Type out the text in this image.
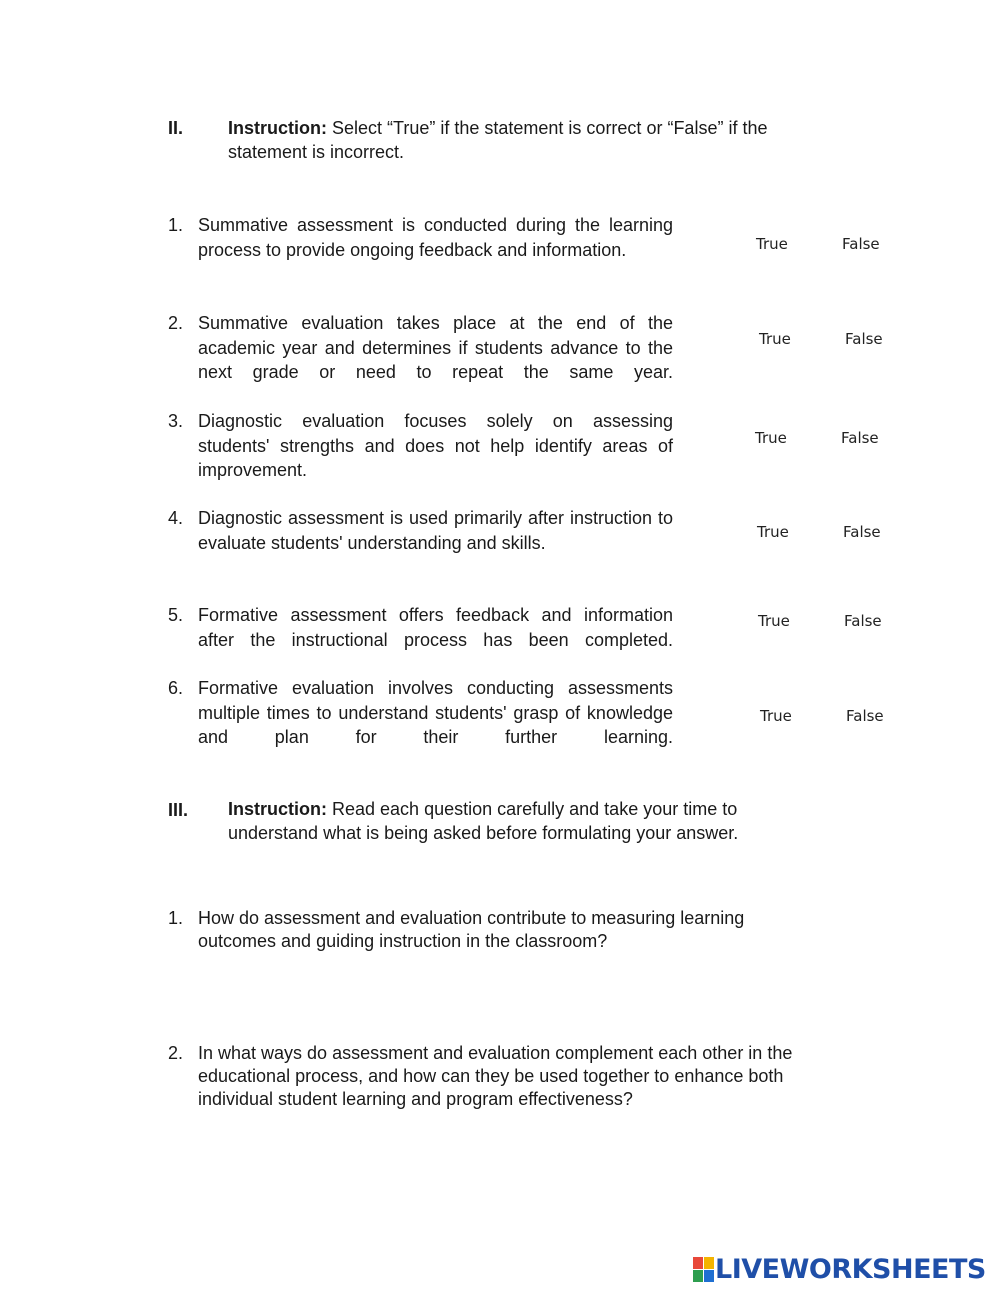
II. Instruction: Select “True” if the statement is correct or “False” if the statement is incorrect.
1. Summative assessment is conducted during the learning process to provide ongoing feedback and information.	True	False
2. Summative evaluation takes place at the end of the academic year and determines if students advance to the next grade or need to repeat the same year.
True	False
3. Diagnostic evaluation focuses solely on assessing students' strengths and does not help identify areas of improvement.
True	False
4. Diagnostic assessment is used primarily after instruction to evaluate students' understanding and skills.
True	False
5. Formative assessment offers feedback and information after the instructional process has been completed.
True	False
6. Formative evaluation involves conducting assessments multiple times to understand students' grasp of knowledge and plan for their further learning.
True	False
III. Instruction: Read each question carefully and take your time to understand what is being asked before formulating your answer.
1. How do assessment and evaluation contribute to measuring learning outcomes and guiding instruction in the classroom?
2. In what ways do assessment and evaluation complement each other in the educational process, and how can they be used together to enhance both individual student learning and program effectiveness?
LIVEWORKSHEETS
